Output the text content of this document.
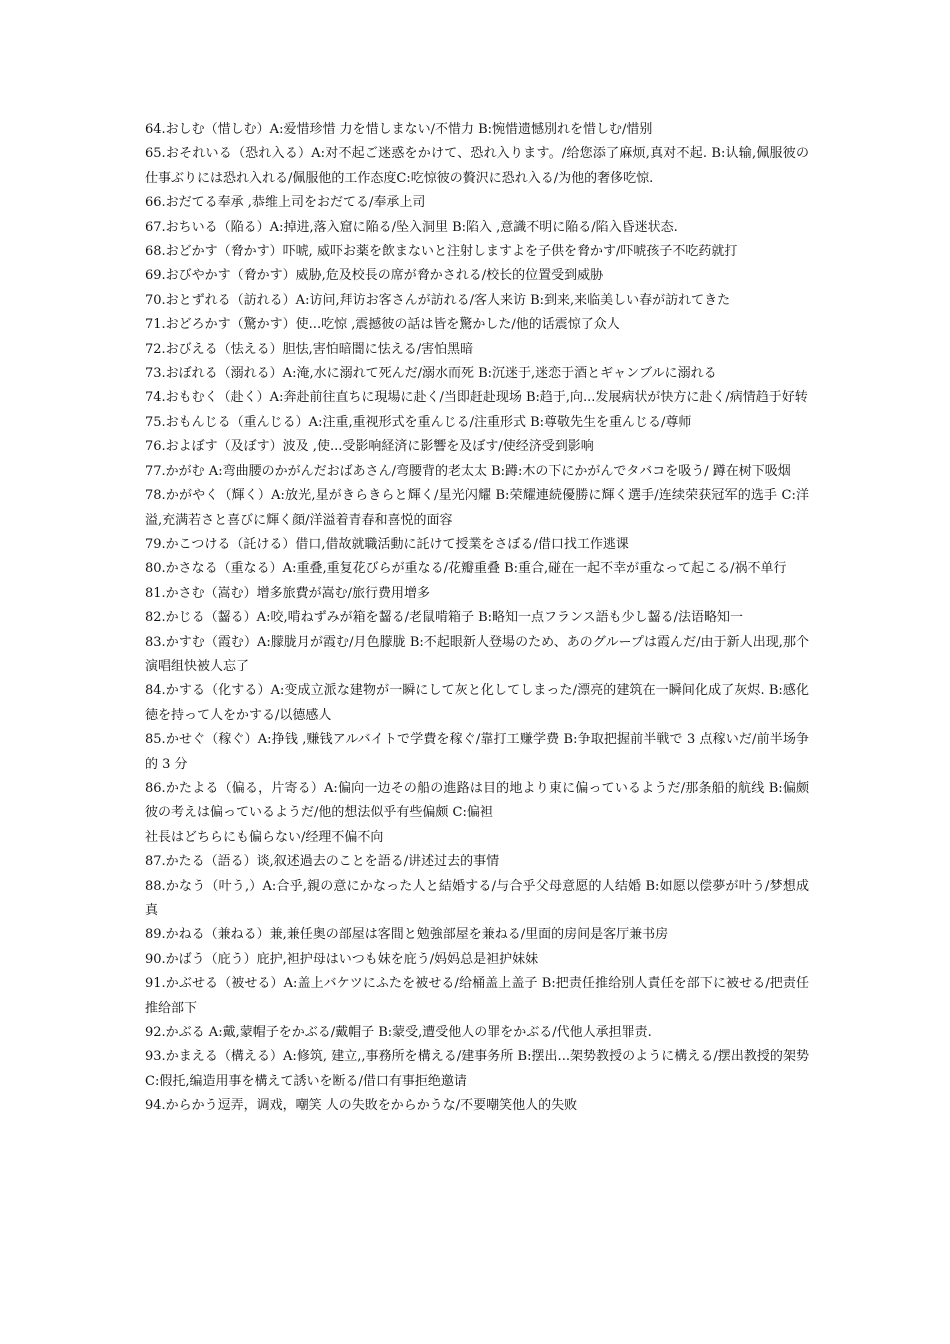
64.おしむ（惜しむ）A:爱惜珍惜 力を惜しまない/不惜力 B:惋惜遗憾別れを惜しむ/惜别

65.おそれいる（恐れ入る）A:对不起ご迷惑をかけて、恐れ入ります。/给您添了麻烦,真对不起. B:认输,佩服彼の仕事ぶりには恐れ入れる/佩服他的工作态度C:吃惊彼の贅沢に恐れ入る/为他的奢侈吃惊.

66.おだてる奉承 ,恭维上司をおだてる/奉承上司

67.おちいる（陥る）A:掉进,落入窟に陥る/坠入洞里 B:陷入 ,意識不明に陥る/陷入昏迷状态.

68.おどかす（脅かす）吓唬, 威吓お薬を飲まないと注射しますよを子供を脅かす/吓唬孩子不吃药就打

69.おびやかす（脅かす）威胁,危及校長の席が脅かされる/校长的位置受到威胁

70.おとずれる（訪れる）A:访问,拜访お客さんが訪れる/客人来访 B:到来,来临美しい春が訪れてきた

71.おどろかす（驚かす）使...吃惊 ,震撼彼の話は皆を驚かした/他的话震惊了众人

72.おびえる（怯える）胆怯,害怕暗闇に怯える/害怕黑暗

73.おぼれる（溺れる）A:淹,水に溺れて死んだ/溺水而死 B:沉迷于,迷恋于酒とギャンブルに溺れる

74.おもむく（赴く）A:奔赴前往直ちに現場に赴く/当即赶赴现场 B:趋于,向...发展病状が快方に赴く/病情趋于好转

75.おもんじる（重んじる）A:注重,重视形式を重んじる/注重形式 B:尊敬先生を重んじる/尊师

76.およぼす（及ぼす）波及 ,使...受影响経済に影響を及ぼす/使经济受到影响

77.かがむ A:弯曲腰のかがんだおばあさん/弯腰背的老太太 B:蹲:木の下にかがんでタバコを吸う/ 蹲在树下吸烟

78.かがやく（輝く）A:放光,星がきらきらと輝く/星光闪耀 B:荣耀連続優勝に輝く選手/连续荣获冠军的选手 C:洋溢,充满若さと喜びに輝く顔/洋溢着青春和喜悦的面容

79.かこつける（託ける）借口,借故就職活動に託けて授業をさぼる/借口找工作逃课

80.かさなる（重なる）A:重叠,重复花びらが重なる/花瓣重叠 B:重合,碰在一起不幸が重なって起こる/祸不单行

81.かさむ（嵩む）增多旅費が嵩む/旅行费用增多

82.かじる（齧る）A:咬,啃ねずみが箱を齧る/老鼠啃箱子 B:略知一点フランス語も少し齧る/法语略知一

83.かすむ（霞む）A:朦胧月が霞む/月色朦胧 B:不起眼新人登場のため、あのグループは霞んだ/由于新人出现,那个演唱组快被人忘了

84.かする（化する）A:变成立派な建物が一瞬にして灰と化してしまった/漂亮的建筑在一瞬间化成了灰烬. B:感化徳を持って人をかする/以德感人

85.かせぐ（稼ぐ）A:挣钱 ,赚钱アルバイトで学費を稼ぐ/靠打工赚学费 B:争取把握前半戦で 3 点稼いだ/前半场争的 3 分

86.かたよる（偏る，片寄る）A:偏向一边その船の進路は目的地より東に偏っているようだ/那条船的航线 B:偏颇彼の考えは偏っているようだ/他的想法似乎有些偏颇 C:偏袒

社長はどちらにも偏らない/经理不偏不向

87.かたる（語る）谈,叙述過去のことを語る/讲述过去的事情

88.かなう（叶う,）A:合乎,親の意にかなった人と結婚する/与合乎父母意愿的人结婚 B:如愿以偿夢が叶う/梦想成真

89.かねる（兼ねる）兼,兼任奥の部屋は客間と勉強部屋を兼ねる/里面的房间是客厅兼书房

90.かばう（庇う）庇护,袒护母はいつも妹を庇う/妈妈总是袒护妹妹

91.かぶせる（被せる）A:盖上バケツにふたを被せる/给桶盖上盖子 B:把责任推给别人責任を部下に被せる/把责任推给部下

92.かぶる A:戴,蒙帽子をかぶる/戴帽子 B:蒙受,遭受他人の罪をかぶる/代他人承担罪责.

93.かまえる（構える）A:修筑, 建立,,事務所を構える/建事务所 B:摆出...架势教授のように構える/摆出教授的架势 C:假托,编造用事を構えて誘いを断る/借口有事拒绝邀请

94.からかう逗弄，调戏，嘲笑 人の失敗をからかうな/不要嘲笑他人的失败
